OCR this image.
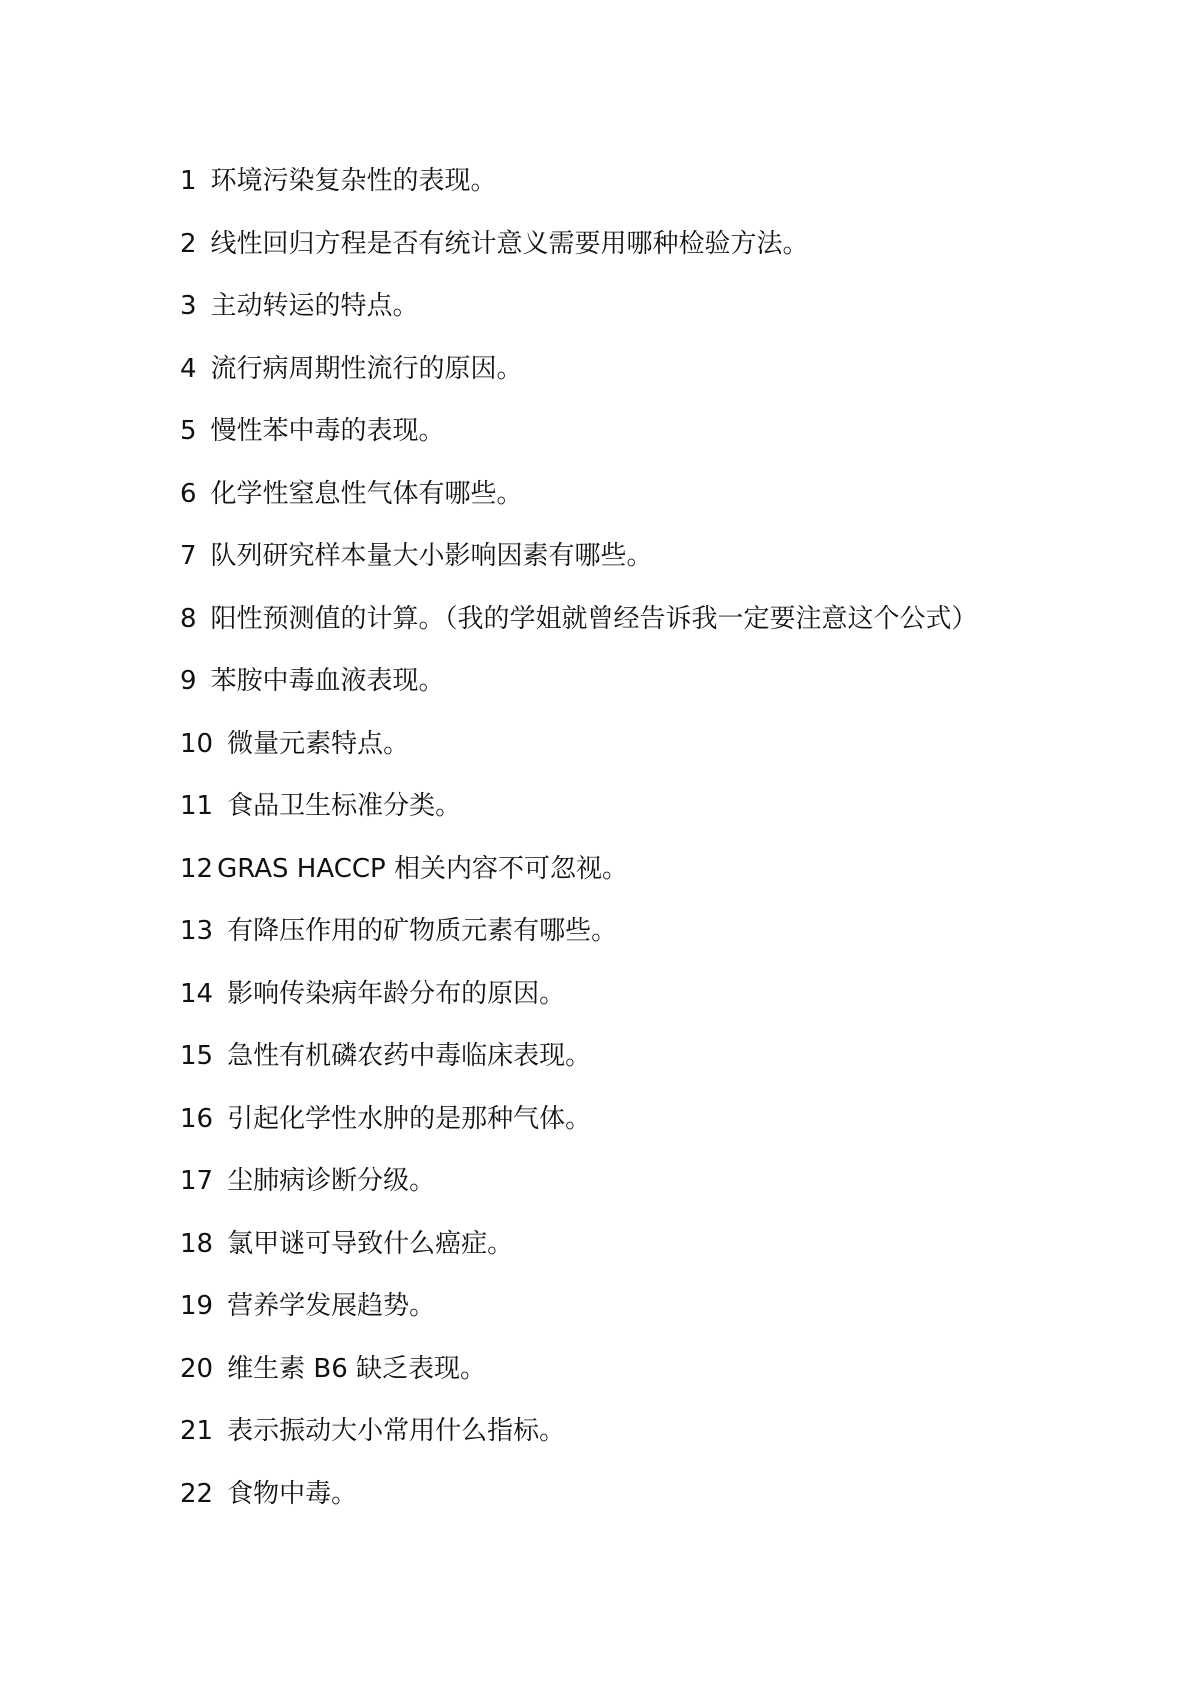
1 环境污染复杂性的表现。
2 线性回归方程是否有统计意义需要用哪种检验方法。
3 主动转运的特点。
4 流行病周期性流行的原因。
5 慢性苯中毒的表现。
6 化学性窒息性气体有哪些。
7 队列研究样本量大小影响因素有哪些。
8 阳性预测值的计算。（我的学姐就曾经告诉我一定要注意这个公式）
9 苯胺中毒血液表现。
10 微量元素特点。
11 食品卫生标准分类。
12 GRAS HACCP 相关内容不可忽视。
13 有降压作用的矿物质元素有哪些。
14 影响传染病年龄分布的原因。
15 急性有机磷农药中毒临床表现。
16 引起化学性水肿的是那种气体。
17 尘肺病诊断分级。
18 氯甲谜可导致什么癌症。
19 营养学发展趋势。
20 维生素 B6 缺乏表现。
21 表示振动大小常用什么指标。
22 食物中毒。
